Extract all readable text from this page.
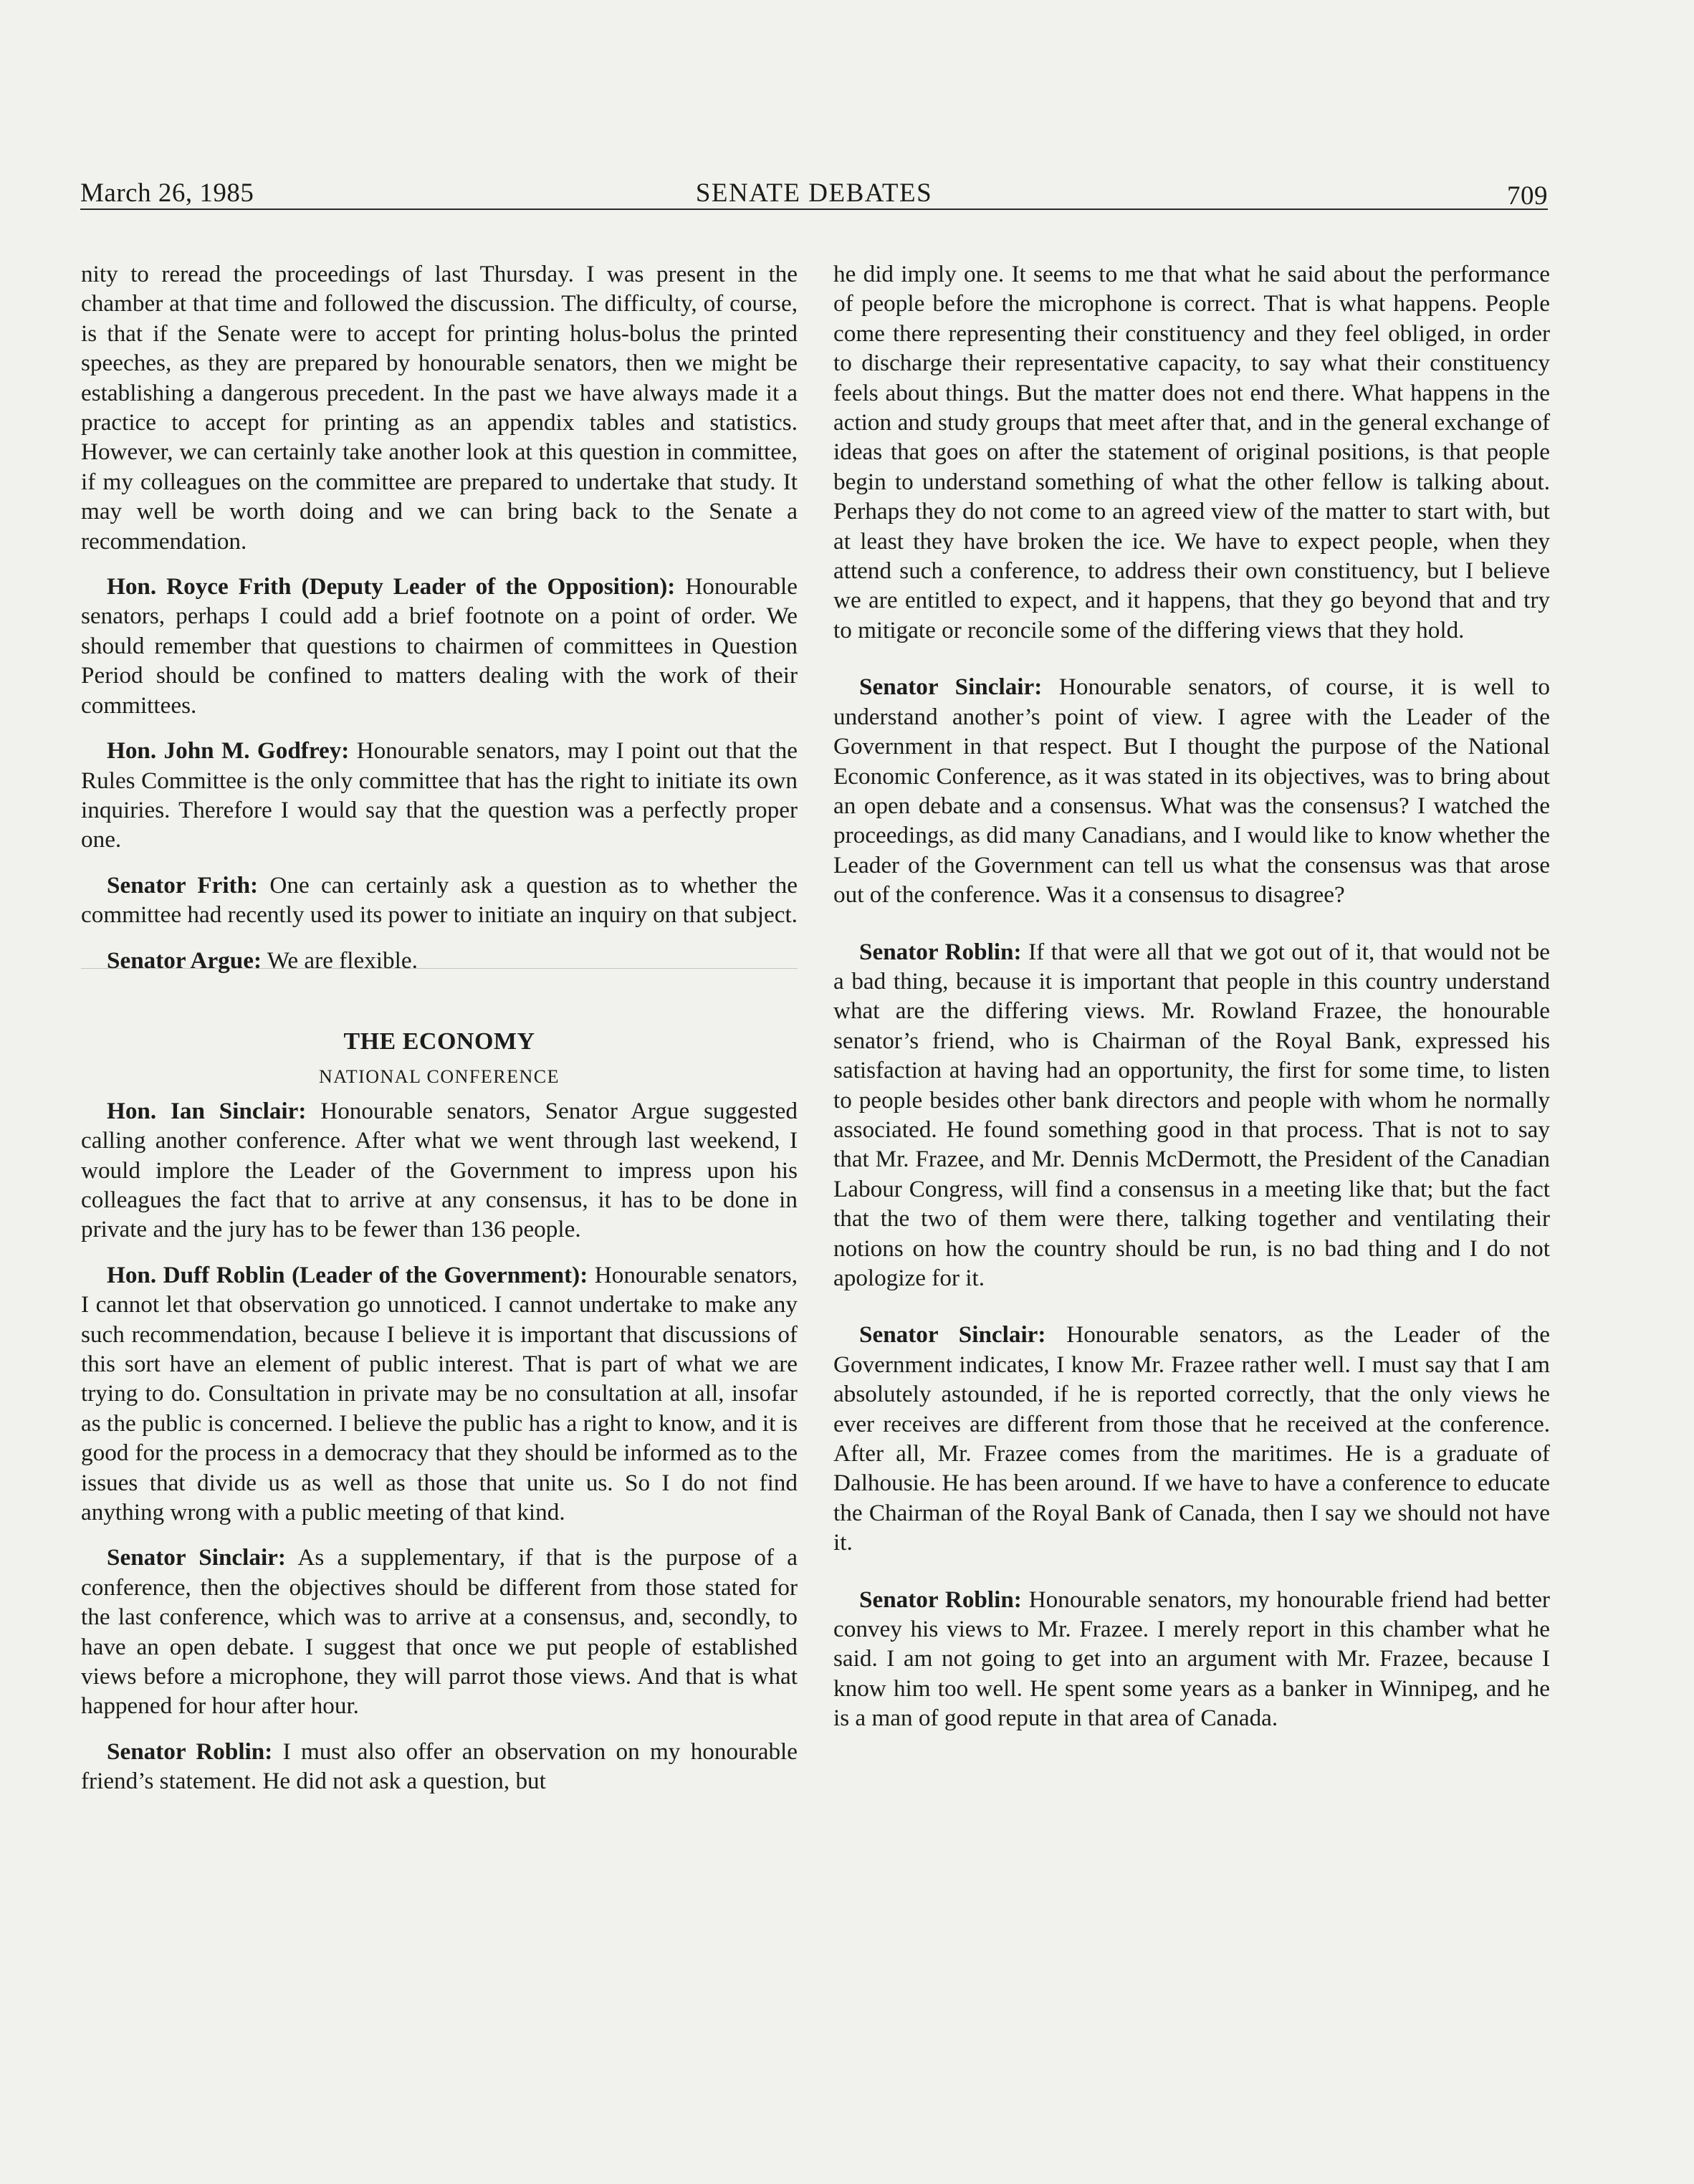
March 26, 1985	SENATE DEBATES	709

nity to reread the proceedings of last Thursday. I was present in the chamber at that time and followed the discussion. The difficulty, of course, is that if the Senate were to accept for printing holus-bolus the printed speeches, as they are prepared by honourable senators, then we might be establishing a dangerous precedent. In the past we have always made it a practice to accept for printing as an appendix tables and statistics. However, we can certainly take another look at this question in committee, if my colleagues on the committee are prepared to undertake that study. It may well be worth doing and we can bring back to the Senate a recommendation.

Hon. Royce Frith (Deputy Leader of the Opposition): Honourable senators, perhaps I could add a brief footnote on a point of order. We should remember that questions to chairmen of committees in Question Period should be confined to matters dealing with the work of their committees.

Hon. John M. Godfrey: Honourable senators, may I point out that the Rules Committee is the only committee that has the right to initiate its own inquiries. Therefore I would say that the question was a perfectly proper one.

Senator Frith: One can certainly ask a question as to whether the committee had recently used its power to initiate an inquiry on that subject.

Senator Argue: We are flexible.

THE ECONOMY

NATIONAL CONFERENCE

Hon. Ian Sinclair: Honourable senators, Senator Argue suggested calling another conference. After what we went through last weekend, I would implore the Leader of the Government to impress upon his colleagues the fact that to arrive at any consensus, it has to be done in private and the jury has to be fewer than 136 people.

Hon. Duff Roblin (Leader of the Government): Honourable senators, I cannot let that observation go unnoticed. I cannot undertake to make any such recommendation, because I believe it is important that discussions of this sort have an element of public interest. That is part of what we are trying to do. Consultation in private may be no consultation at all, insofar as the public is concerned. I believe the public has a right to know, and it is good for the process in a democracy that they should be informed as to the issues that divide us as well as those that unite us. So I do not find anything wrong with a public meeting of that kind.

Senator Sinclair: As a supplementary, if that is the purpose of a conference, then the objectives should be different from those stated for the last conference, which was to arrive at a consensus, and, secondly, to have an open debate. I suggest that once we put people of established views before a microphone, they will parrot those views. And that is what happened for hour after hour.

Senator Roblin: I must also offer an observation on my honourable friend’s statement. He did not ask a question, but

he did imply one. It seems to me that what he said about the performance of people before the microphone is correct. That is what happens. People come there representing their constituency and they feel obliged, in order to discharge their representative capacity, to say what their constituency feels about things. But the matter does not end there. What happens in the action and study groups that meet after that, and in the general exchange of ideas that goes on after the statement of original positions, is that people begin to understand something of what the other fellow is talking about. Perhaps they do not come to an agreed view of the matter to start with, but at least they have broken the ice. We have to expect people, when they attend such a conference, to address their own constituency, but I believe we are entitled to expect, and it happens, that they go beyond that and try to mitigate or reconcile some of the differing views that they hold.

Senator Sinclair: Honourable senators, of course, it is well to understand another’s point of view. I agree with the Leader of the Government in that respect. But I thought the purpose of the National Economic Conference, as it was stated in its objectives, was to bring about an open debate and a consensus. What was the consensus? I watched the proceedings, as did many Canadians, and I would like to know whether the Leader of the Government can tell us what the consensus was that arose out of the conference. Was it a consensus to disagree?

Senator Roblin: If that were all that we got out of it, that would not be a bad thing, because it is important that people in this country understand what are the differing views. Mr. Rowland Frazee, the honourable senator’s friend, who is Chairman of the Royal Bank, expressed his satisfaction at having had an opportunity, the first for some time, to listen to people besides other bank directors and people with whom he normally associated. He found something good in that process. That is not to say that Mr. Frazee, and Mr. Dennis McDermott, the President of the Canadian Labour Congress, will find a consensus in a meeting like that; but the fact that the two of them were there, talking together and ventilating their notions on how the country should be run, is no bad thing and I do not apologize for it.

Senator Sinclair: Honourable senators, as the Leader of the Government indicates, I know Mr. Frazee rather well. I must say that I am absolutely astounded, if he is reported correctly, that the only views he ever receives are different from those that he received at the conference. After all, Mr. Frazee comes from the maritimes. He is a graduate of Dalhousie. He has been around. If we have to have a conference to educate the Chairman of the Royal Bank of Canada, then I say we should not have it.

Senator Roblin: Honourable senators, my honourable friend had better convey his views to Mr. Frazee. I merely report in this chamber what he said. I am not going to get into an argument with Mr. Frazee, because I know him too well. He spent some years as a banker in Winnipeg, and he is a man of good repute in that area of Canada.
